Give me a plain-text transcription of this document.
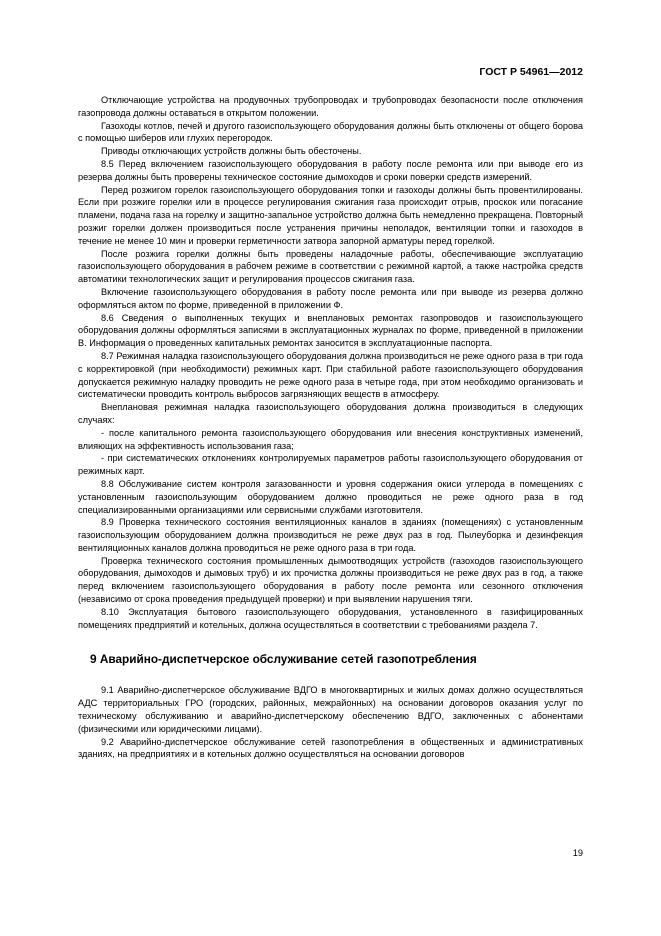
ГОСТ Р 54961—2012

Отключающие устройства на продувочных трубопроводах и трубопроводах безопасности после отключения газопровода должны оставаться в открытом положении.

Газоходы котлов, печей и другого газоиспользующего оборудования должны быть отключены от общего борова с помощью шиберов или глухих перегородок.

Приводы отключающих устройств должны быть обесточены.

8.5 Перед включением газоиспользующего оборудования в работу после ремонта или при выводе его из резерва должны быть проверены техническое состояние дымоходов и сроки поверки средств измерений.

Перед розжигом горелок газоиспользующего оборудования топки и газоходы должны быть провентилированы. Если при розжиге горелки или в процессе регулирования сжигания газа происходит отрыв, проскок или погасание пламени, подача газа на горелку и защитно-запальное устройство должна быть немедленно прекращена. Повторный розжиг горелки должен производиться после устранения причины неполадок, вентиляции топки и газоходов в течение не менее 10 мин и проверки герметичности затвора запорной арматуры перед горелкой.

После розжига горелки должны быть проведены наладочные работы, обеспечивающие эксплуатацию газоиспользующего оборудования в рабочем режиме в соответствии с режимной картой, а также настройка средств автоматики технологических защит и регулирования процессов сжигания газа.

Включение газоиспользующего оборудования в работу после ремонта или при выводе из резерва должно оформляться актом по форме, приведенной в приложении Ф.

8.6 Сведения о выполненных текущих и внеплановых ремонтах газопроводов и газоиспользующего оборудования должны оформляться записями в эксплуатационных журналах по форме, приведенной в приложении В. Информация о проведенных капитальных ремонтах заносится в эксплуатационные паспорта.

8.7 Режимная наладка газоиспользующего оборудования должна производиться не реже одного раза в три года с корректировкой (при необходимости) режимных карт. При стабильной работе газоиспользующего оборудования допускается режимную наладку проводить не реже одного раза в четыре года, при этом необходимо организовать и систематически проводить контроль выбросов загрязняющих веществ в атмосферу.

Внеплановая режимная наладка газоиспользующего оборудования должна производиться в следующих случаях:

- после капитального ремонта газоиспользующего оборудования или внесения конструктивных изменений, влияющих на эффективность использования газа;

- при систематических отклонениях контролируемых параметров работы газоиспользующего оборудования от режимных карт.

8.8 Обслуживание систем контроля загазованности и уровня содержания окиси углерода в помещениях с установленным газоиспользующим оборудованием должно проводиться не реже одного раза в год специализированными организациями или сервисными службами изготовителя.

8.9 Проверка технического состояния вентиляционных каналов в зданиях (помещениях) с установленным газоиспользующим оборудованием должна производиться не реже двух раз в год. Пылеуборка и дезинфекция вентиляционных каналов должна проводиться не реже одного раза в три года.

Проверка технического состояния промышленных дымоотводящих устройств (газоходов газоиспользующего оборудования, дымоходов и дымовых труб) и их прочистка должны производиться не реже двух раз в год, а также перед включением газоиспользующего оборудования в работу после ремонта или сезонного отключения (независимо от срока проведения предыдущей проверки) и при выявлении нарушения тяги.

8.10 Эксплуатация бытового газоиспользующего оборудования, установленного в газифицированных помещениях предприятий и котельных, должна осуществляться в соответствии с требованиями раздела 7.

9 Аварийно-диспетчерское обслуживание сетей газопотребления

9.1 Аварийно-диспетчерское обслуживание ВДГО в многоквартирных и жилых домах должно осуществляться АДС территориальных ГРО (городских, районных, межрайонных) на основании договоров оказания услуг по техническому обслуживанию и аварийно-диспетчерскому обеспечению ВДГО, заключенных с абонентами (физическими или юридическими лицами).

9.2 Аварийно-диспетчерское обслуживание сетей газопотребления в общественных и административных зданиях, на предприятиях и в котельных должно осуществляться на основании договоров

19
